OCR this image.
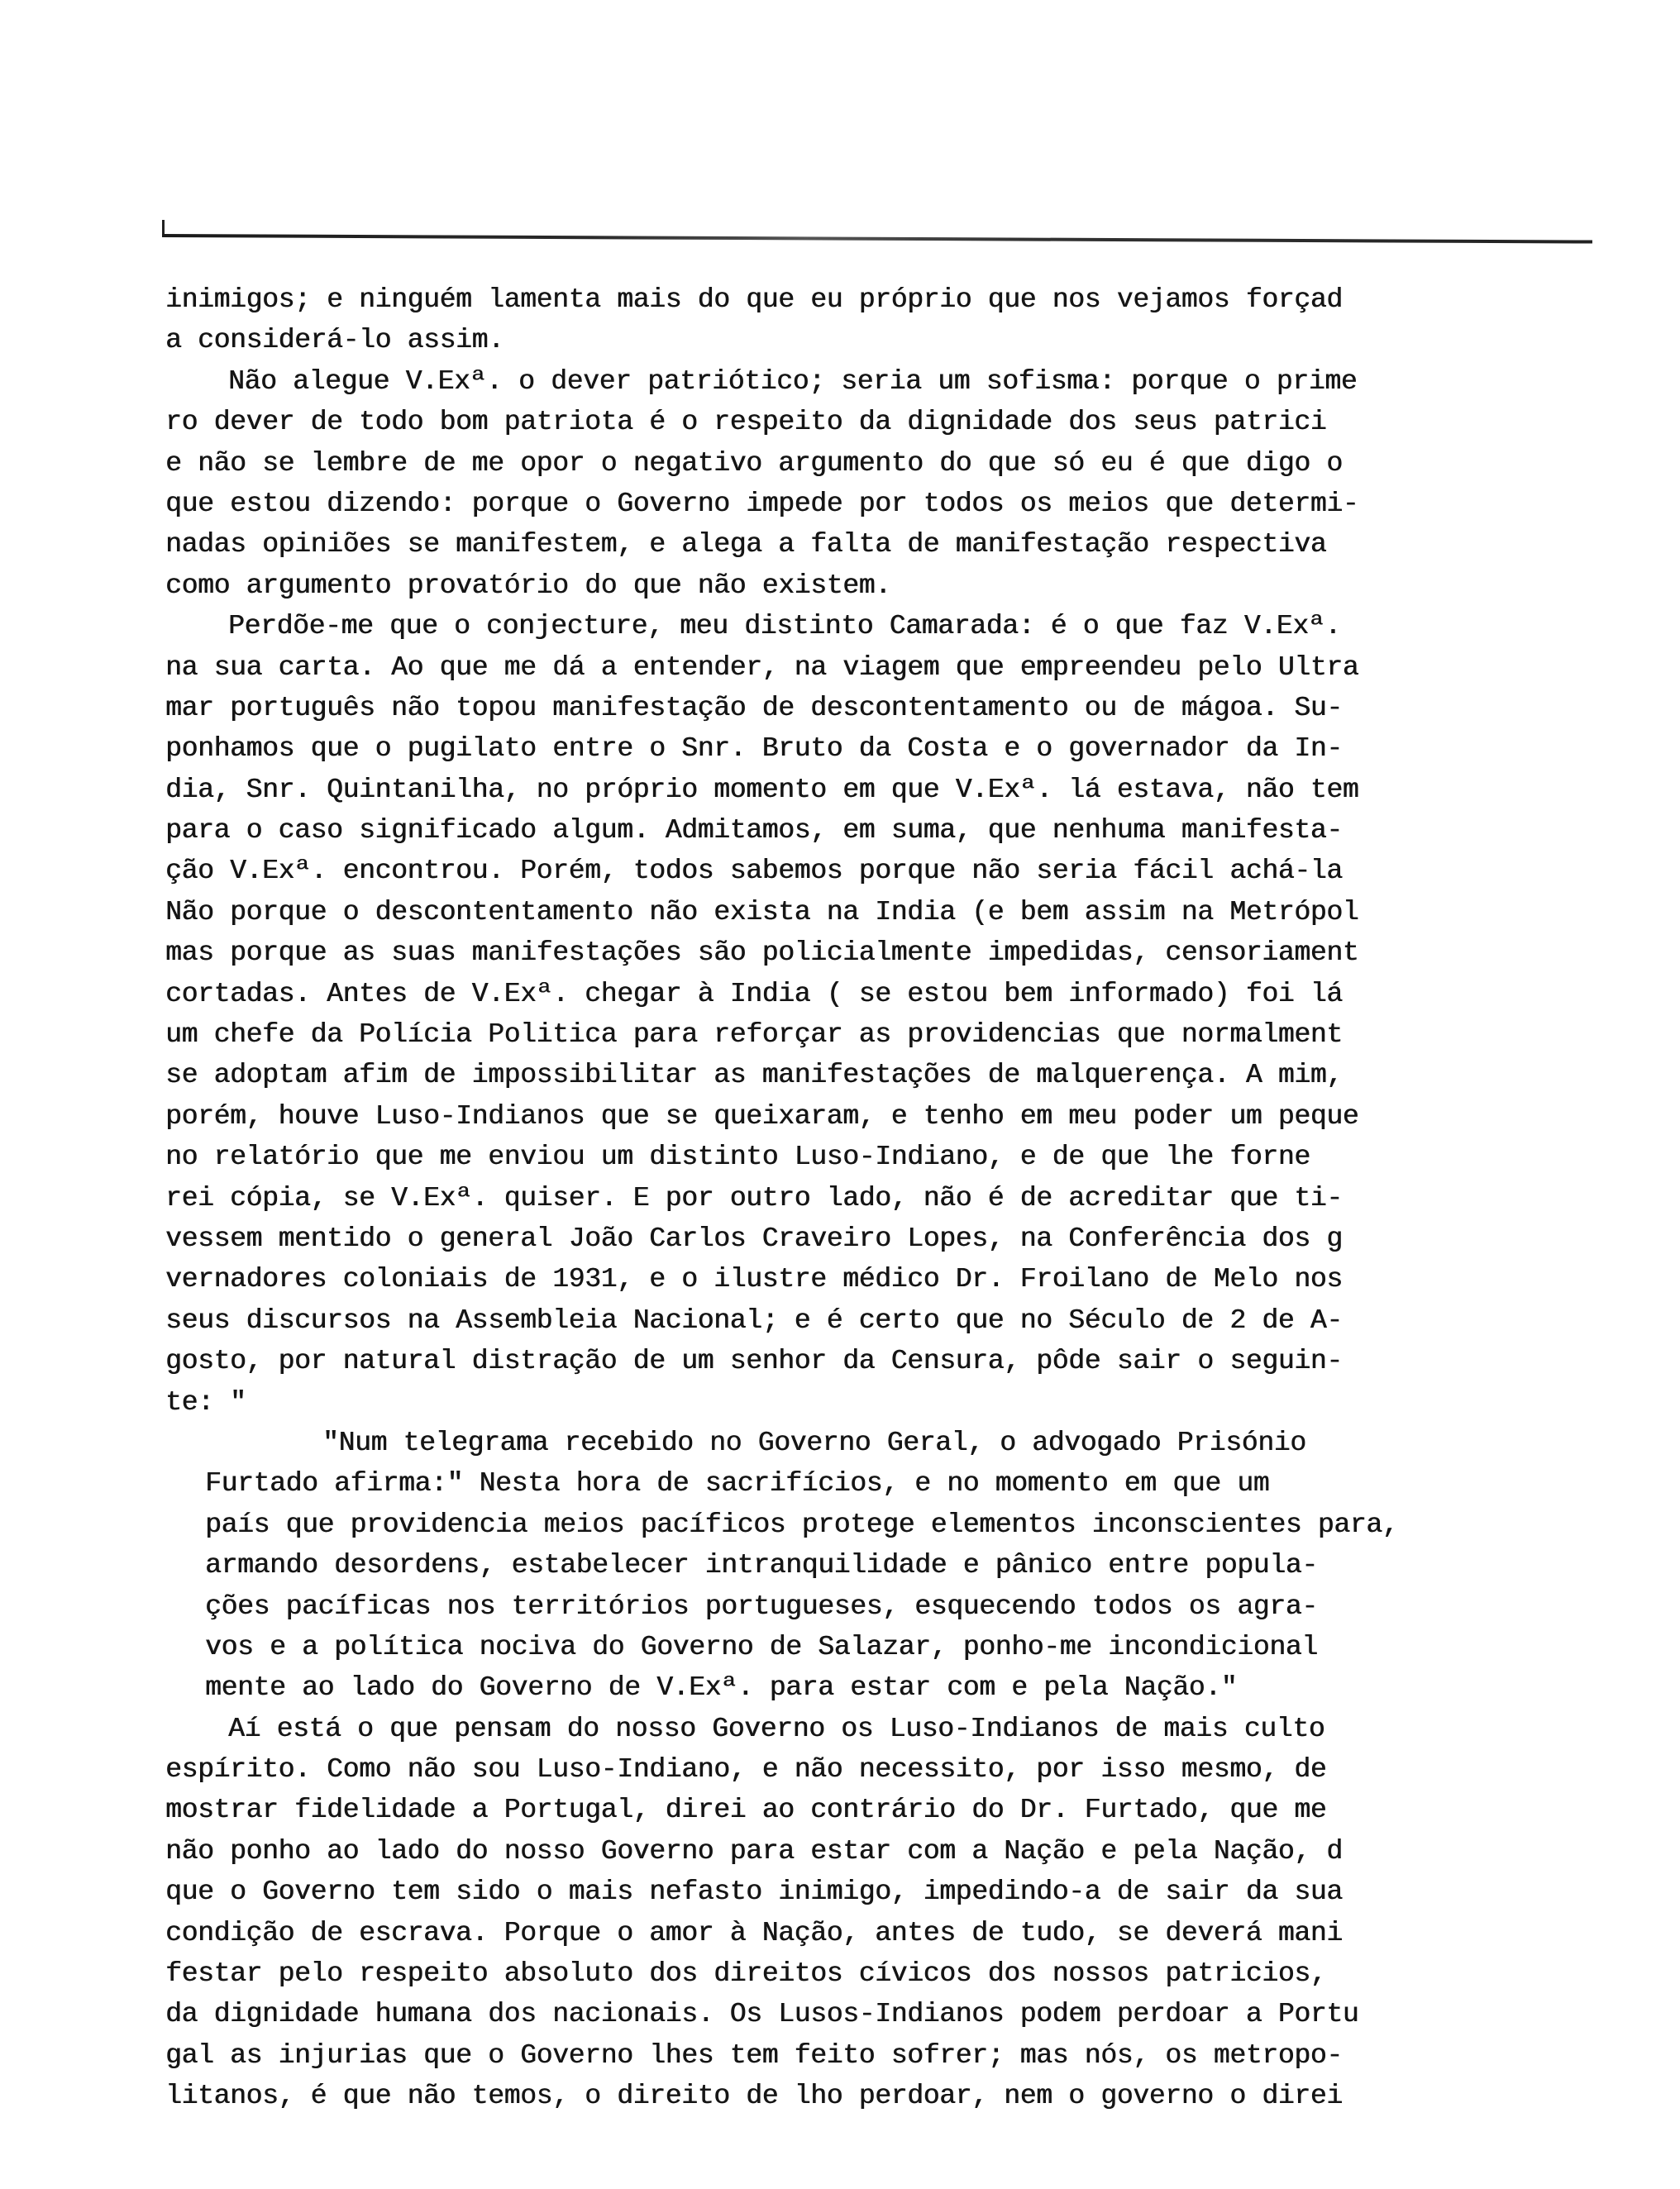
inimigos; e ninguém lamenta mais do que eu próprio que nos vejamos forçad
a considerá-lo assim.
Não alegue V.Exª. o dever patriótico; seria um sofisma: porque o prime
ro dever de todo bom patriota é o respeito da dignidade dos seus patrici
e não se lembre de me opor o negativo argumento do que só eu é que digo o
que estou dizendo: porque o Governo impede por todos os meios que determi-
nadas opiniões se manifestem, e alega a falta de manifestação respectiva
como argumento provatório do que não existem.
Perdõe-me que o conjecture, meu distinto Camarada: é o que faz V.Exª.
na sua carta. Ao que me dá a entender, na viagem que empreendeu pelo Ultra
mar português não topou manifestação de descontentamento ou de mágoa. Su-
ponhamos que o pugilato entre o Snr. Bruto da Costa e o governador da In-
dia, Snr. Quintanilha, no próprio momento em que V.Exª. lá estava, não tem
para o caso significado algum. Admitamos, em suma, que nenhuma manifesta-
ção V.Exª. encontrou. Porém, todos sabemos porque não seria fácil achá-la
Não porque o descontentamento não exista na India (e bem assim na Metrópol
mas porque as suas manifestações são policialmente impedidas, censoriament
cortadas. Antes de V.Exª. chegar à India ( se estou bem informado) foi lá
um chefe da Polícia Politica para reforçar as providencias que normalment
se adoptam afim de impossibilitar as manifestações de malquerença. A mim,
porém, houve Luso-Indianos que se queixaram, e tenho em meu poder um peque
no relatório que me enviou um distinto Luso-Indiano, e de que lhe forne
rei cópia, se V.Exª. quiser. E por outro lado, não é de acreditar que ti-
vessem mentido o general João Carlos Craveiro Lopes, na Conferência dos g
vernadores coloniais de 1931, e o ilustre médico Dr. Froilano de Melo nos
seus discursos na Assembleia Nacional; e é certo que no Século de 2 de A-
gosto, por natural distração de um senhor da Censura, pôde sair o seguin-
te: "
"Num telegrama recebido no Governo Geral, o advogado Prisónio
Furtado afirma:" Nesta hora de sacrifícios, e no momento em que um
país que providencia meios pacíficos protege elementos inconscientes para,
armando desordens, estabelecer intranquilidade e pânico entre popula-
ções pacíficas nos territórios portugueses, esquecendo todos os agra-
vos e a política nociva do Governo de Salazar, ponho-me incondicional
mente ao lado do Governo de V.Exª. para estar com e pela Nação."
Aí está o que pensam do nosso Governo os Luso-Indianos de mais culto
espírito. Como não sou Luso-Indiano, e não necessito, por isso mesmo, de
mostrar fidelidade a Portugal, direi ao contrário do Dr. Furtado, que me
não ponho ao lado do nosso Governo para estar com a Nação e pela Nação, d
que o Governo tem sido o mais nefasto inimigo, impedindo-a de sair da sua
condição de escrava. Porque o amor à Nação, antes de tudo, se deverá mani
festar pelo respeito absoluto dos direitos cívicos dos nossos patricios,
da dignidade humana dos nacionais. Os Lusos-Indianos podem perdoar a Portu
gal as injurias que o Governo lhes tem feito sofrer; mas nós, os metropo-
litanos, é que não temos, o direito de lho perdoar, nem o governo o direi
